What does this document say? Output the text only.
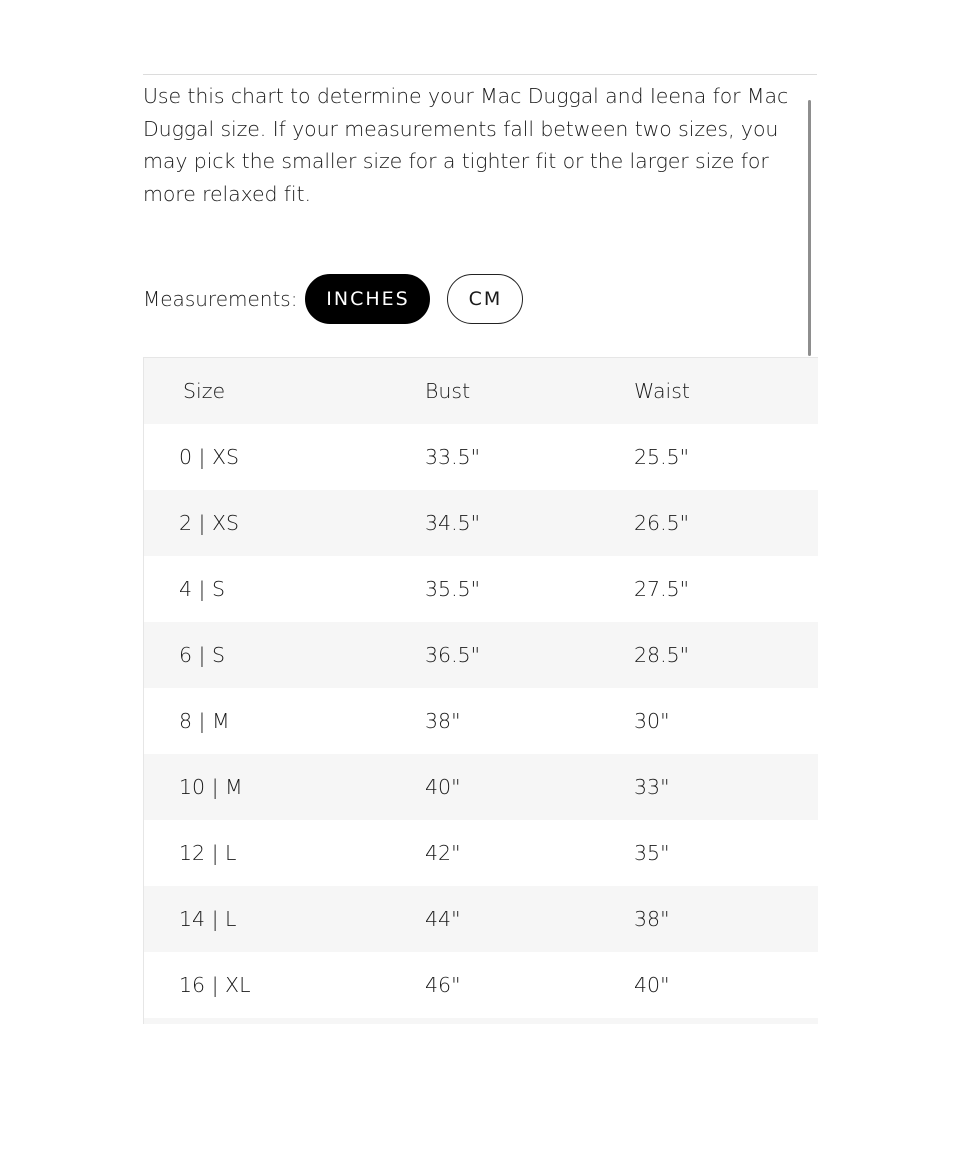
Use this chart to determine your Mac Duggal and Ieena for Mac Duggal size. If your measurements fall between two sizes, you may pick the smaller size for a tighter fit or the larger size for more relaxed fit.

Measurements:	INCHES	CM
Size	Bust	Waist
0 | XS	33.5"	25.5"
2 | XS	34.5"	26.5"
4 | S	35.5"	27.5"
6 | S	36.5"	28.5"
8 | M	38"	30"
10 | M	40"	33"
12 | L	42"	35"
14 | L	44"	38"
16 | XL	46"	40"
